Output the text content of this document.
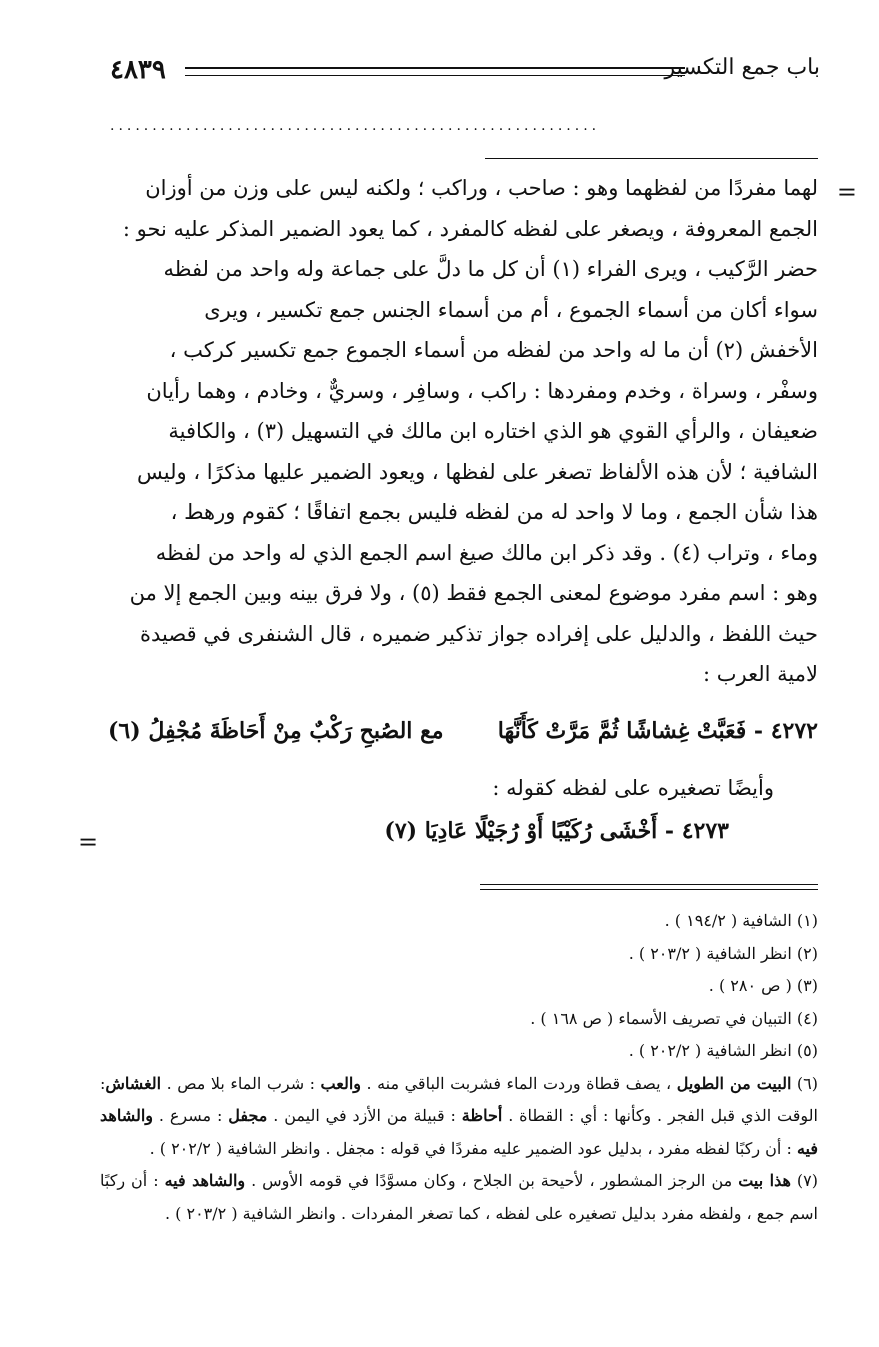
٤٨٣٩	باب جمع التكسير
..........................................................
=

لهما مفردًا من لفظهما وهو : صاحب ، وراكب ؛ ولكنه ليس على وزن من أوزان

الجمع المعروفة ، ويصغر على لفظه كالمفرد ، كما يعود الضمير المذكر عليه نحو :

حضر الرَّكيب ، ويرى الفراء (١) أن كل ما دلَّ على جماعة وله واحد من لفظه

سواء أكان من أسماء الجموع ، أم من أسماء الجنس جمع تكسير ، ويرى

الأخفش (٢) أن ما له واحد من لفظه من أسماء الجموع جمع تكسير كركب ،

وسفْر ، وسراة ، وخدم ومفردها : راكب ، وسافِر ، وسريٌّ ، وخادم ، وهما رأيان

ضعيفان ، والرأي القوي هو الذي اختاره ابن مالك في التسهيل (٣) ، والكافية

الشافية ؛ لأن هذه الألفاظ تصغر على لفظها ، ويعود الضمير عليها مذكرًا ، وليس

هذا شأن الجمع ، وما لا واحد له من لفظه فليس بجمع اتفاقًا ؛ كقوم ورهط ،

وماء ، وتراب (٤) . وقد ذكر ابن مالك صيغ اسم الجمع الذي له واحد من لفظه

وهو : اسم مفرد موضوع لمعنى الجمع فقط (٥) ، ولا فرق بينه وبين الجمع إلا من

حيث اللفظ ، والدليل على إفراده جواز تذكير ضميره ، قال الشنفرى في قصيدة

لامية العرب :

٤٢٧٢ - فَعَبَّتْ غِشاشًا ثُمَّ مَرَّتْ كَأَنَّهَا
مع الصُبحِ رَكْبٌ مِنْ أَحَاظَةَ مُجْفِلُ (٦)
وأيضًا تصغيره على لفظه كقوله :
٤٢٧٣ - أَخْشَى رُكَيْبًا أَوْ رُجَيْلًا عَادِيَا (٧)
=

(١) الشافية ( ١٩٤/٢ ) .

(٢) انظر الشافية ( ٢٠٣/٢ ) .

(٣) ( ص ٢٨٠ ) .

(٤) التبيان في تصريف الأسماء ( ص ١٦٨ ) .

(٥) انظر الشافية ( ٢٠٢/٢ ) .

(٦) البيت من الطويل ، يصف قطاة وردت الماء فشربت الباقي منه . والعب : شرب الماء بلا مص . الغشاش: الوقت الذي قبل الفجر . وكأنها : أي : القطاة . أحاظة : قبيلة من الأزد في اليمن . مجفل : مسرع . والشاهد فيه : أن ركبًا لفظه مفرد ، بدليل عود الضمير عليه مفردًا في قوله : مجفل . وانظر الشافية ( ٢٠٢/٢ ) .

(٧) هذا بيت من الرجز المشطور ، لأحيحة بن الجلاح ، وكان مسوَّدًا في قومه الأوس . والشاهد فيه : أن ركبًا اسم جمع ، ولفظه مفرد بدليل تصغيره على لفظه ، كما تصغر المفردات . وانظر الشافية ( ٢٠٣/٢ ) .
